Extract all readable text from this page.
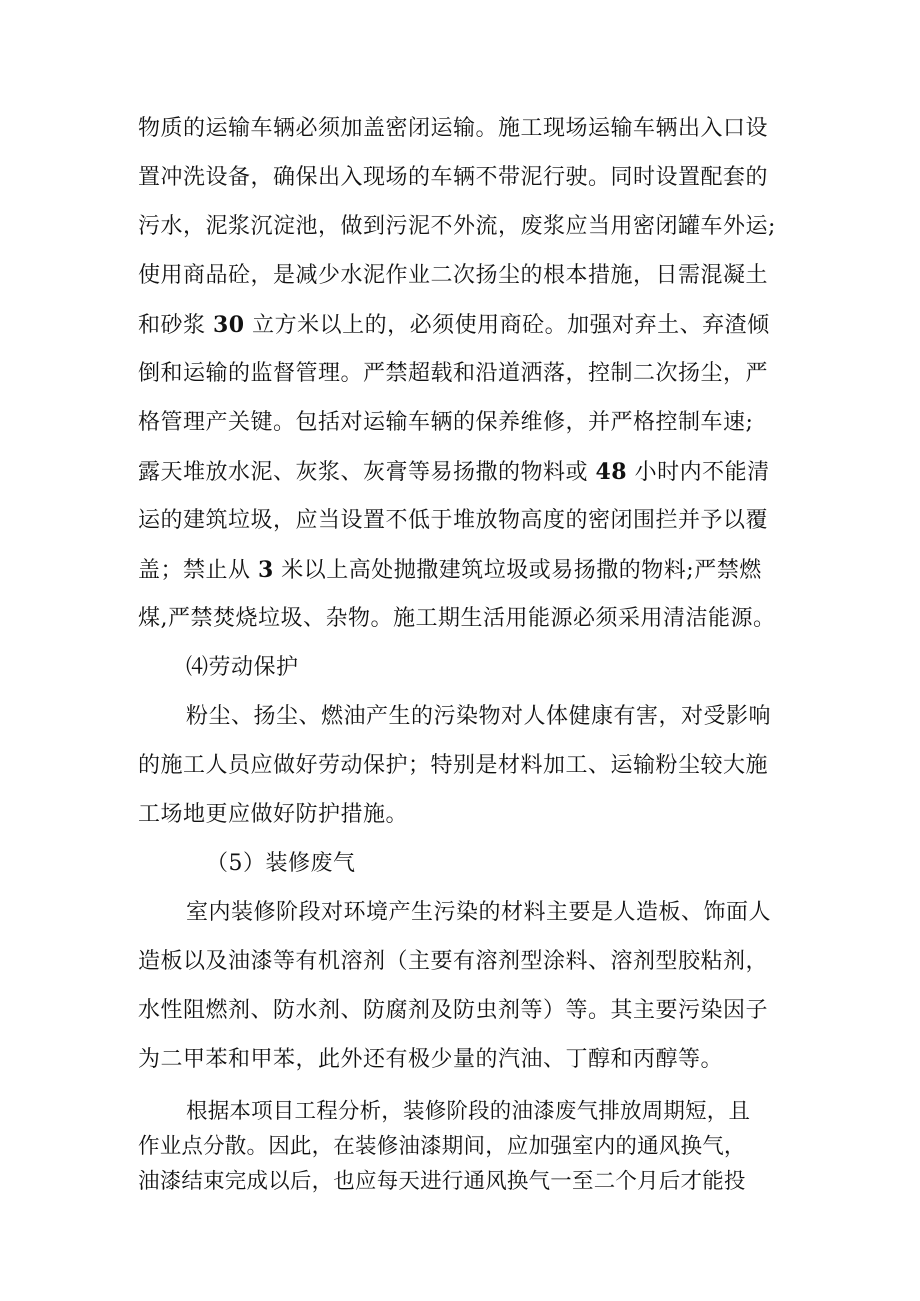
物质的运输车辆必须加盖密闭运输。施工现场运输车辆出入口设
置冲洗设备，确保出入现场的车辆不带泥行驶。同时设置配套的
污水，泥浆沉淀池，做到污泥不外流，废浆应当用密闭罐车外运;
使用商品砼，是减少水泥作业二次扬尘的根本措施，日需混凝土
和砂浆 30 立方米以上的，必须使用商砼。加强对弃土、弃渣倾
倒和运输的监督管理。严禁超载和沿道洒落，控制二次扬尘，严
格管理产关键。包括对运输车辆的保养维修，并严格控制车速;
露天堆放水泥、灰浆、灰膏等易扬撒的物料或 48 小时内不能清
运的建筑垃圾，应当设置不低于堆放物高度的密闭围拦并予以覆
盖；禁止从 3 米以上高处抛撒建筑垃圾或易扬撒的物料;严禁燃
煤,严禁焚烧垃圾、杂物。施工期生活用能源必须采用清洁能源。
⑷劳动保护
粉尘、扬尘、燃油产生的污染物对人体健康有害，对受影响
的施工人员应做好劳动保护；特别是材料加工、运输粉尘较大施
工场地更应做好防护措施。
（5）装修废气
室内装修阶段对环境产生污染的材料主要是人造板、饰面人
造板以及油漆等有机溶剂（主要有溶剂型涂料、溶剂型胶粘剂，
水性阻燃剂、防水剂、防腐剂及防虫剂等）等。其主要污染因子
为二甲苯和甲苯，此外还有极少量的汽油、丁醇和丙醇等。
根据本项目工程分析，装修阶段的油漆废气排放周期短，且
作业点分散。因此，在装修油漆期间，应加强室内的通风换气，
油漆结束完成以后，也应每天进行通风换气一至二个月后才能投
